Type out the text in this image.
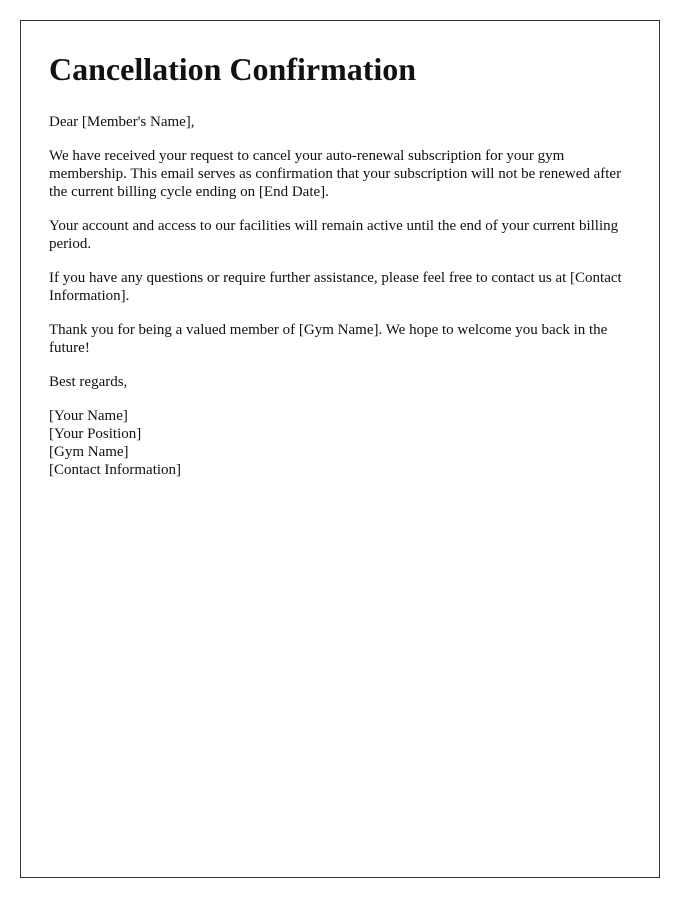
Cancellation Confirmation

Dear [Member's Name],

We have received your request to cancel your auto-renewal subscription for your gym membership. This email serves as confirmation that your subscription will not be renewed after the current billing cycle ending on [End Date].

Your account and access to our facilities will remain active until the end of your current billing period.

If you have any questions or require further assistance, please feel free to contact us at [Contact Information].

Thank you for being a valued member of [Gym Name]. We hope to welcome you back in the future!

Best regards,

[Your Name]
[Your Position]
[Gym Name]
[Contact Information]
